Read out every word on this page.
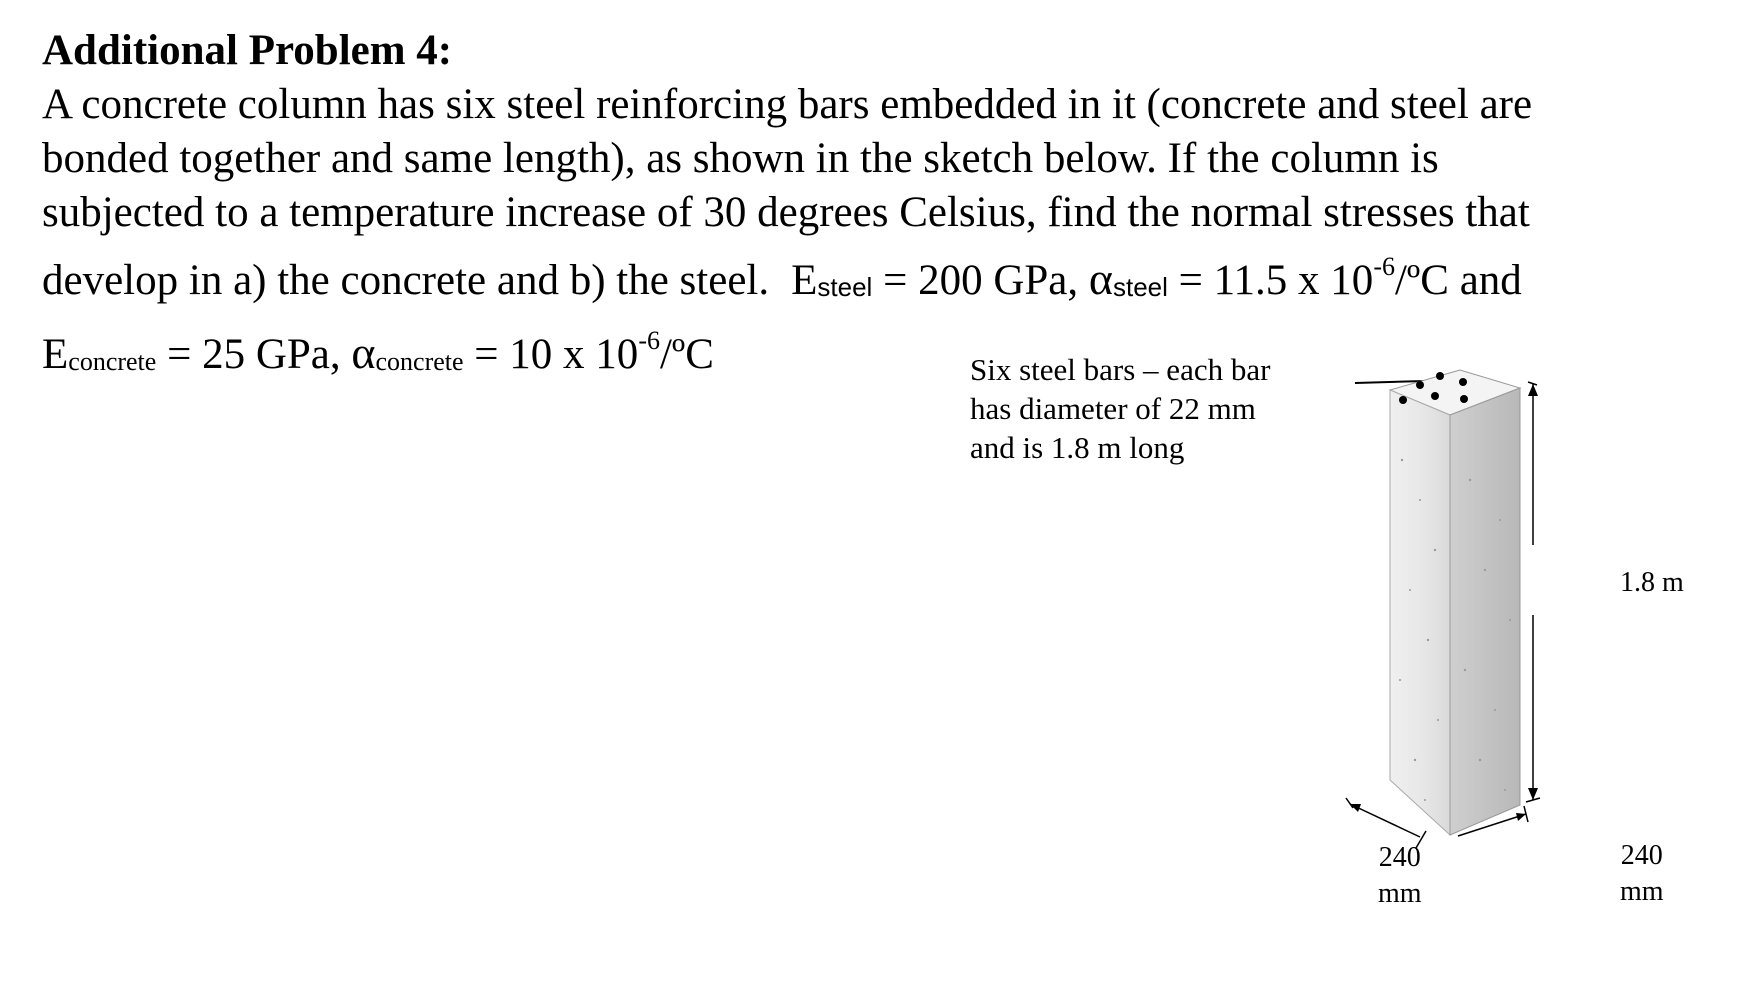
Additional Problem 4:
A concrete column has six steel reinforcing bars embedded in it (concrete and steel are
bonded together and same length), as shown in the sketch below. If the column is
subjected to a temperature increase of 30 degrees Celsius, find the normal stresses that
develop in a) the concrete and b) the steel. Esteel = 200 GPa, αsteel = 11.5 x $10^{-6}/ºC$ and
Econcrete = 25 GPa, αconcrete = 10 x $10^{-6}/ºC$	Six steel bars – each bar
has diameter of 22 mm
and is 1.8 m long
1.8 m
240
mm
240
mm
